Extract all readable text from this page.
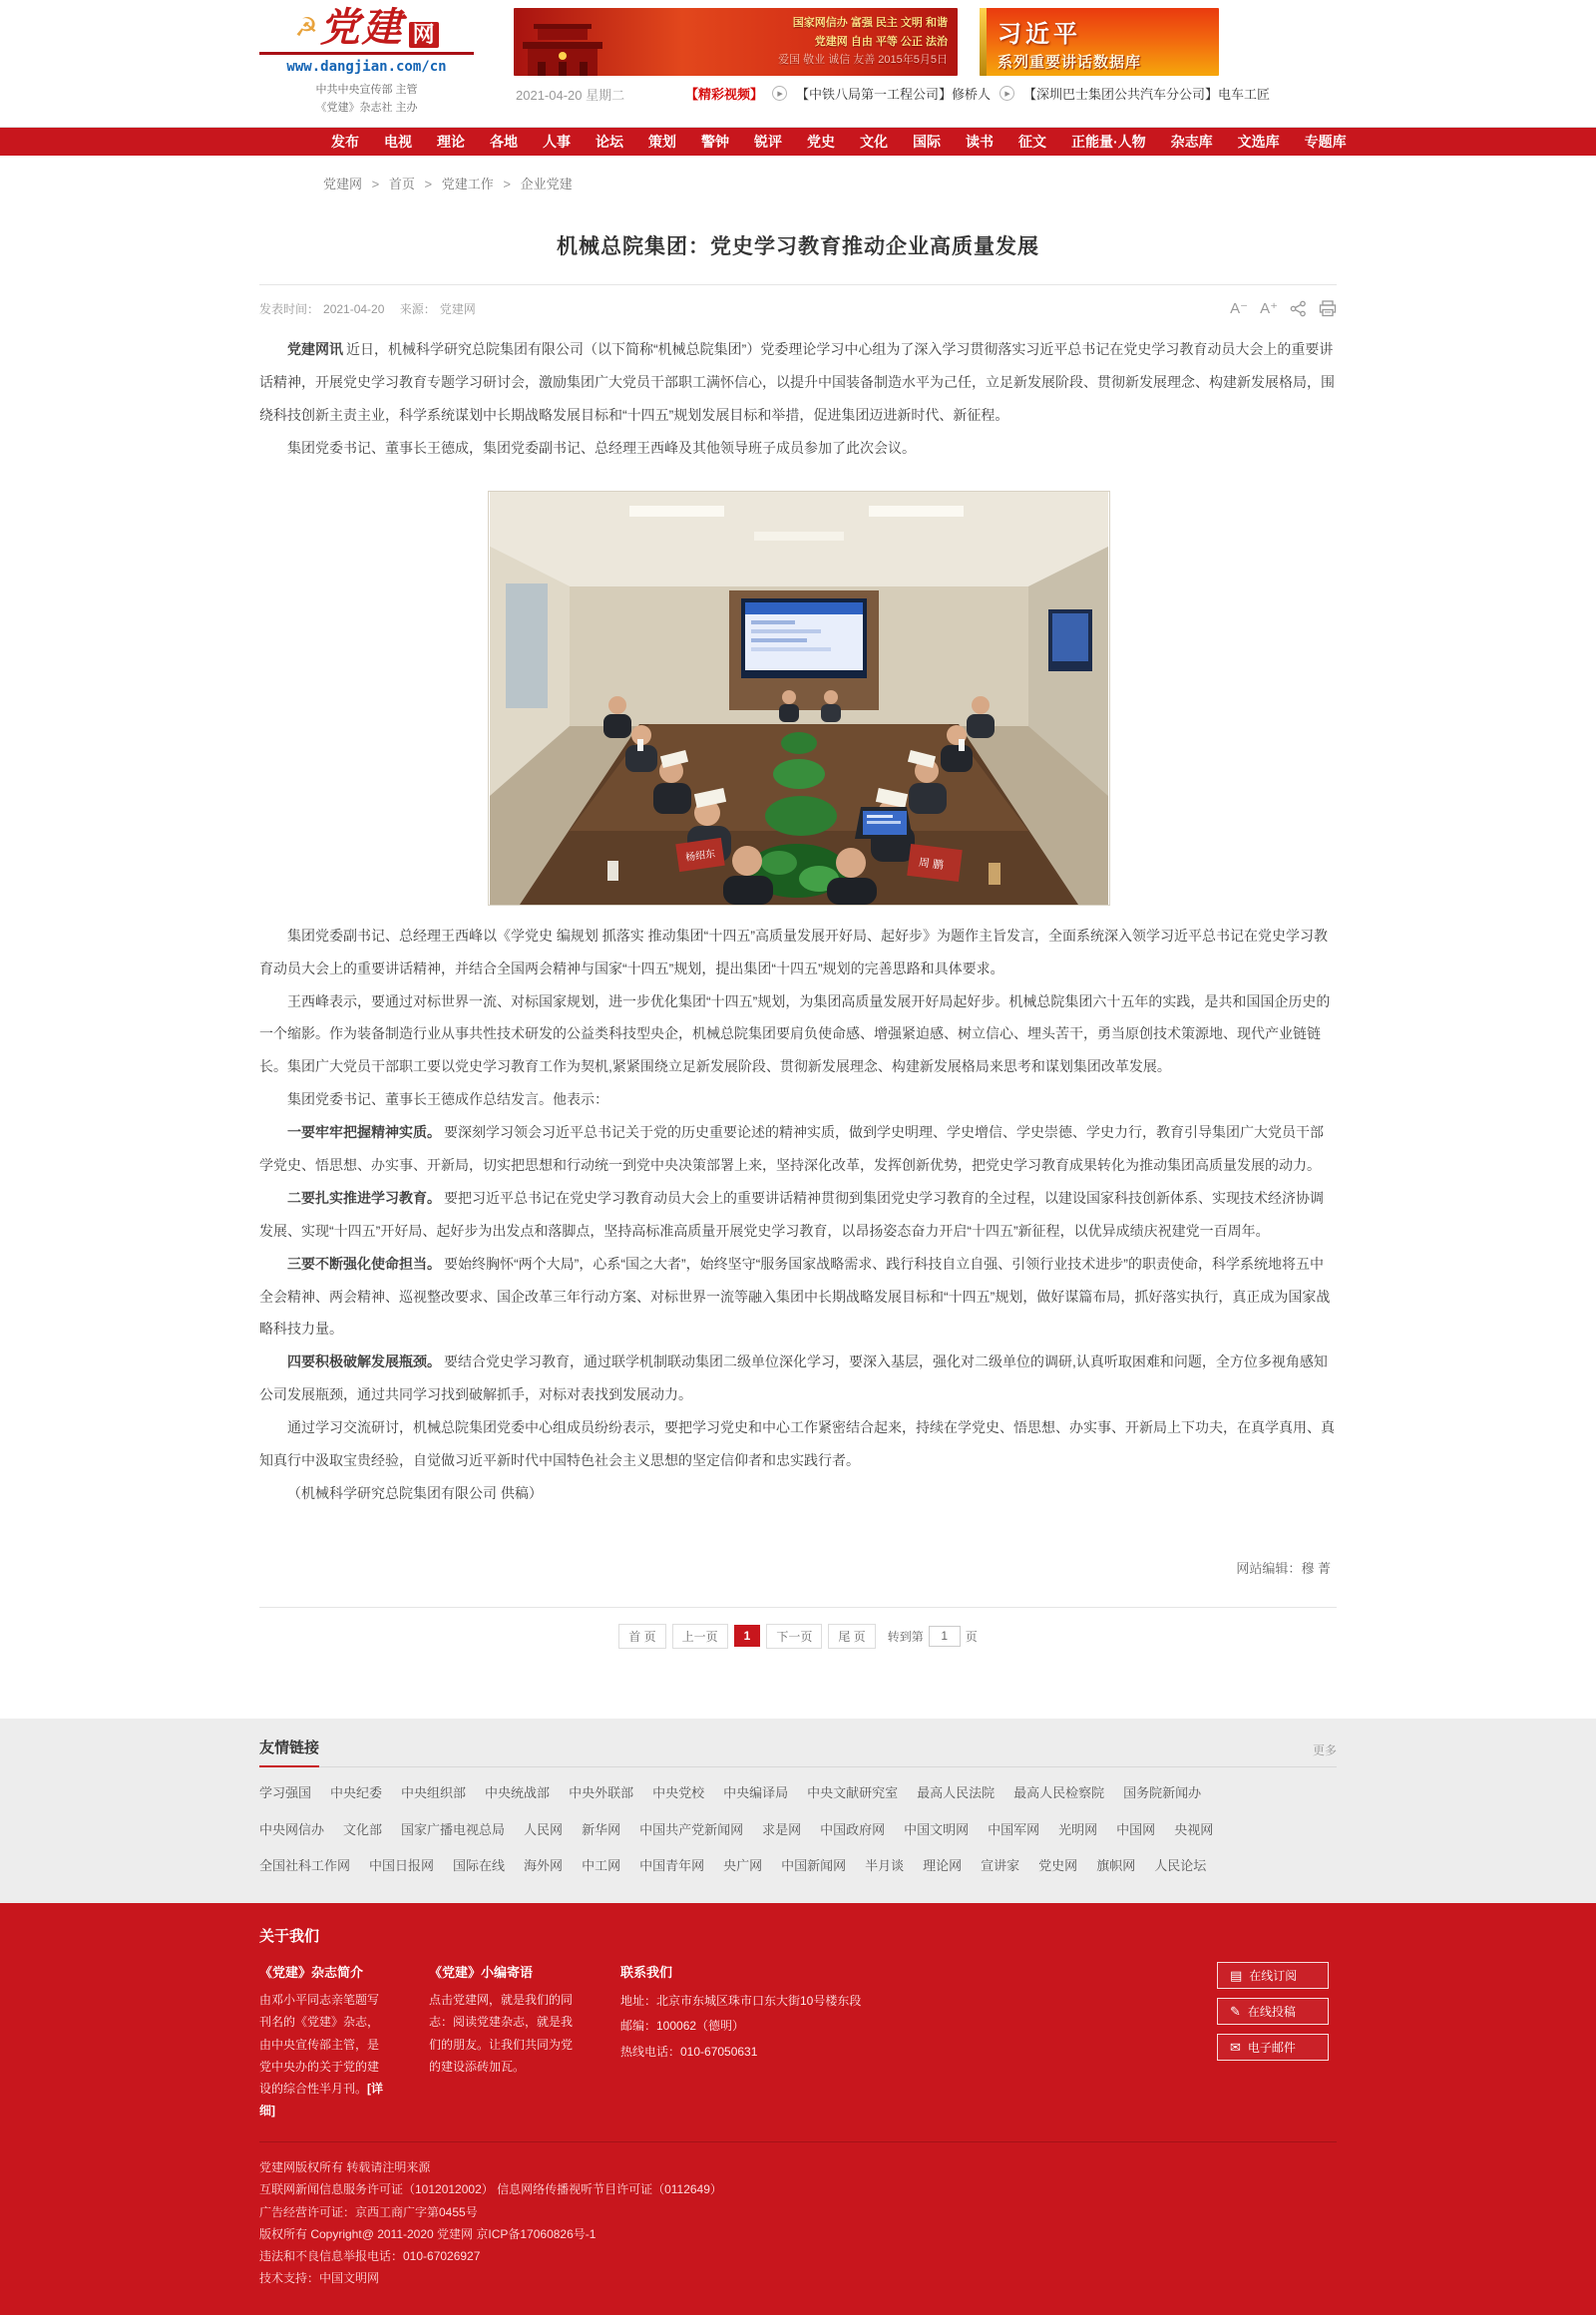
☭ 党建 网
www.dangjian.com/cn
国家网信办 富强 民主 文明 和谐
党建网 自由 平等 公正 法治
爱国 敬业 诚信 友善 2015年5月5日
习近平
系列重要讲话数据库
中共中央宣传部 主管
《党建》杂志社 主办
2021-04-20 星期二	【精彩视频】	▶	【中铁八局第一工程公司】修桥人	▶	【深圳巴士集团公共汽车分公司】电车工匠
发布 电视 理论 各地 人事 论坛 策划 警钟 锐评 党史 文化 国际 读书 征文 正能量·人物 杂志库 文选库 专题库
党建网 > 首页 > 党建工作 > 企业党建
机械总院集团：党史学习教育推动企业高质量发展
发表时间： 2021-04-20 来源： 党建网	A⁻ A⁺

党建网讯 近日，机械科学研究总院集团有限公司（以下简称“机械总院集团”）党委理论学习中心组为了深入学习贯彻落实习近平总书记在党史学习教育动员大会上的重要讲话精神，开展党史学习教育专题学习研讨会，激励集团广大党员干部职工满怀信心，以提升中国装备制造水平为己任，立足新发展阶段、贯彻新发展理念、构建新发展格局，围绕科技创新主责主业，科学系统谋划中长期战略发展目标和“十四五”规划发展目标和举措，促进集团迈进新时代、新征程。

集团党委书记、董事长王德成，集团党委副书记、总经理王西峰及其他领导班子成员参加了此次会议。

杨绍东
周 鹏

集团党委副书记、总经理王西峰以《学党史 编规划 抓落实 推动集团“十四五”高质量发展开好局、起好步》为题作主旨发言，全面系统深入领学习近平总书记在党史学习教育动员大会上的重要讲话精神，并结合全国两会精神与国家“十四五”规划，提出集团“十四五”规划的完善思路和具体要求。

王西峰表示，要通过对标世界一流、对标国家规划，进一步优化集团“十四五”规划，为集团高质量发展开好局起好步。机械总院集团六十五年的实践，是共和国国企历史的一个缩影。作为装备制造行业从事共性技术研发的公益类科技型央企，机械总院集团要肩负使命感、增强紧迫感、树立信心、埋头苦干，勇当原创技术策源地、现代产业链链长。集团广大党员干部职工要以党史学习教育工作为契机,紧紧围绕立足新发展阶段、贯彻新发展理念、构建新发展格局来思考和谋划集团改革发展。

集团党委书记、董事长王德成作总结发言。他表示：

一要牢牢把握精神实质。 要深刻学习领会习近平总书记关于党的历史重要论述的精神实质，做到学史明理、学史增信、学史崇德、学史力行，教育引导集团广大党员干部学党史、悟思想、办实事、开新局，切实把思想和行动统一到党中央决策部署上来，坚持深化改革，发挥创新优势，把党史学习教育成果转化为推动集团高质量发展的动力。

二要扎实推进学习教育。 要把习近平总书记在党史学习教育动员大会上的重要讲话精神贯彻到集团党史学习教育的全过程，以建设国家科技创新体系、实现技术经济协调发展、实现“十四五”开好局、起好步为出发点和落脚点，坚持高标准高质量开展党史学习教育，以昂扬姿态奋力开启“十四五”新征程，以优异成绩庆祝建党一百周年。

三要不断强化使命担当。 要始终胸怀“两个大局”，心系“国之大者”，始终坚守“服务国家战略需求、践行科技自立自强、引领行业技术进步”的职责使命，科学系统地将五中全会精神、两会精神、巡视整改要求、国企改革三年行动方案、对标世界一流等融入集团中长期战略发展目标和“十四五”规划，做好谋篇布局，抓好落实执行，真正成为国家战略科技力量。

四要积极破解发展瓶颈。 要结合党史学习教育，通过联学机制联动集团二级单位深化学习，要深入基层，强化对二级单位的调研,认真听取困难和问题，全方位多视角感知公司发展瓶颈，通过共同学习找到破解抓手，对标对表找到发展动力。

通过学习交流研讨，机械总院集团党委中心组成员纷纷表示，要把学习党史和中心工作紧密结合起来，持续在学党史、悟思想、办实事、开新局上下功夫，在真学真用、真知真行中汲取宝贵经验，自觉做习近平新时代中国特色社会主义思想的坚定信仰者和忠实践行者。

（机械科学研究总院集团有限公司 供稿）

网站编辑：穆 菁
首 页	上一页	1	下一页	尾 页	转到第
1	页
友情链接	更多
学习强国 中央纪委 中央组织部 中央统战部 中央外联部 中央党校 中央编译局 中央文献研究室 最高人民法院 最高人民检察院 国务院新闻办
中央网信办 文化部 国家广播电视总局 人民网 新华网 中国共产党新闻网 求是网 中国政府网 中国文明网 中国军网 光明网 中国网 央视网
全国社科工作网 中国日报网 国际在线 海外网 中工网 中国青年网 央广网 中国新闻网 半月谈 理论网 宣讲家 党史网 旗帜网 人民论坛
关于我们
《党建》杂志简介
由邓小平同志亲笔题写刊名的《党建》杂志，由中央宣传部主管，是党中央办的关于党的建设的综合性半月刊。[详细]
《党建》小编寄语
点击党建网，就是我们的同志：阅读党建杂志，就是我们的朋友。让我们共同为党的建设添砖加瓦。
联系我们
地址：北京市东城区珠市口东大街10号楼东段
邮编：100062（德明）
热线电话：010-67050631
▤ 在线订阅
✎ 在线投稿
✉ 电子邮件
党建网版权所有 转载请注明来源
互联网新闻信息服务许可证（1012012002） 信息网络传播视听节目许可证（0112649）
广告经营许可证：京西工商广字第0455号
版权所有 Copyright@ 2011-2020 党建网 京ICP备17060826号-1
违法和不良信息举报电话：010-67026927
技术支持：中国文明网
